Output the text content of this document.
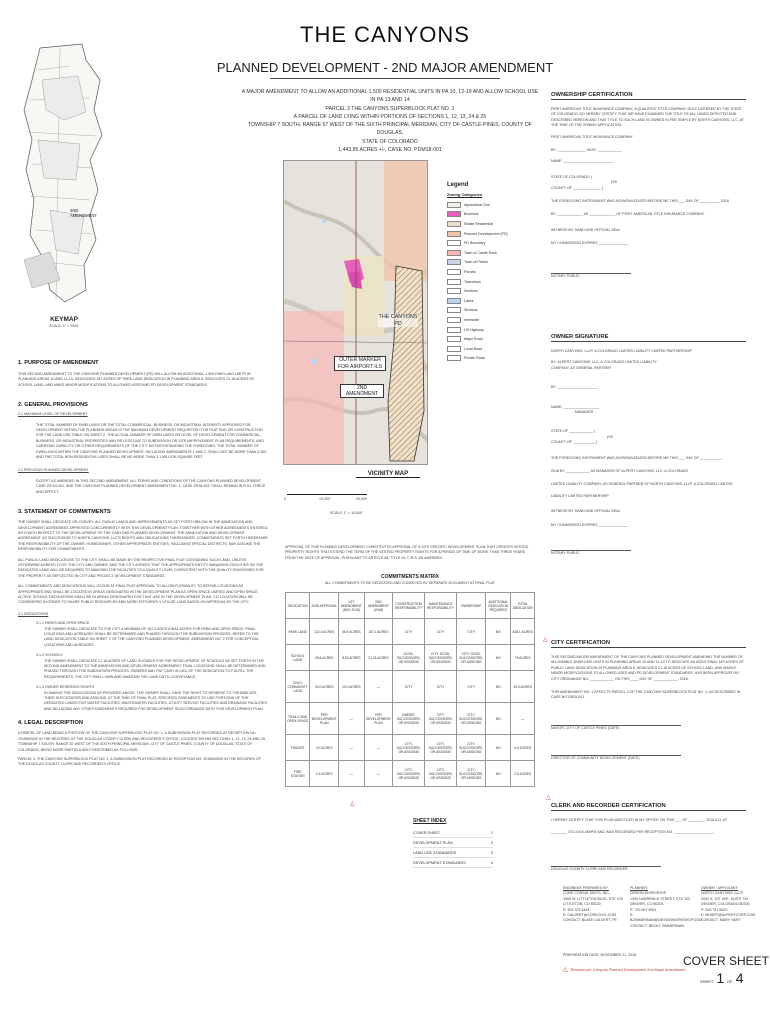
THE CANYONS
PLANNED DEVELOPMENT - 2ND MAJOR AMENDMENT
A MAJOR AMENDMENT TO ALLOW AN ADDITIONAL 1,500 RESIDENTIAL UNITS IN PA 10, 12-19 AND ALLOW SCHOOL USE IN PA 13 AND 14
PARCEL 3 THE CANYONS SUPERBLOCK PLAT NO. 1
A PARCEL OF LAND LYING WITHIN PORTIONS OF SECTIONS 1, 12, 13, 24 & 25
TOWNSHIP 7 SOUTH, RANGE 67 WEST OF THE SIXTH PRINCIPAL MERIDIAN, CITY OF CASTLE PINES, COUNTY OF DOUGLAS,
STATE OF COLORADO
1,443.85 ACRES +/-, CASE NO. PDM18-001
2ND AMENDMENT
KEYMAP
SCALE: 1" = 1000'
THE CANYONS PD
OUTER MARKER FOR AIRPORT ILS
2ND AMENDMENT
0	10,000'	20,000'
VICINITY MAP
SCALE: 1" = 10,000'
Legend
Zoning Categories
Agricultural One
Business
Estate Residential
Planned Development (PD)
PD Boundary
Town of Castle Rock
Town of Parker
Parcels
Townships
Sections
Lakes
Streams
Interstate
US Highway
Major Road
Local Road
Private Road
1. PURPOSE OF AMENDMENT
THIS SECOND AMENDMENT TO THE CANYONS PLANNED DEVELOPMENT (PD) WILL ALLOW AN ADDITIONAL 1,500 DWELLING UNITS IN PLANNING AREAS 10 AND 12-19, DEDICATED 187 ACRES OF PARK LAND DEDICATION IN PLANNING AREA 8, DEDICATES 21.18 ACRES OF SCHOOL LAND, AND MAKE MINOR MODIFICATIONS TO ALLOWED USES AND PD DEVELOPMENT STANDARDS.
2. GENERAL PROVISIONS
2.1 MAXIMUM LEVEL OF DEVELOPMENT
THE TOTAL NUMBER OF DWELLINGS OR THE TOTAL COMMERCIAL, BUSINESS, OR INDUSTRIAL INTENSITY APPROVED FOR DEVELOPMENT WITHIN THE PLANNING AREAS IS THE MAXIMUM DEVELOPMENT REQUESTED FOR PLATTING OR CONSTRUCTION FOR THE LAND USE TABLE ON SHEET 2. THE ACTUAL NUMBER OF DWELLINGS OR LEVEL OF DEVELOPMENT FOR COMMERCIAL, BUSINESS, OR INDUSTRIAL PROPERTIES MAY BE LESS DUE TO SUBDIVISION OR SITE IMPROVEMENT PLAN REQUIREMENTS, AND CARRYING CAPACITY, OR OTHER REQUIREMENTS OF THE CITY. NOTWITHSTANDING THE FOREGOING, THE TOTAL NUMBER OF DWELLINGS WITHIN THE CANYONS PLANNED DEVELOPMENT, INCLUDING AMENDMENTS 1 AND 2, SHALL NOT BE MORE THAN 3,400, AND THE TOTAL NON-RESIDENTIAL USES SHALL BE NO MORE THAN 3.1 MILLION SQUARE FEET.
2.2 PREVIOUS PLANNED DEVELOPMENT
EXCEPT AS AMENDED IN THIS SECOND AMENDMENT, ALL TERMS AND CONDITIONS OF THE CANYONS PLANNED DEVELOPMENT, CASE ZR-04-001, AND THE CANYONS PLANNED DEVELOPMENT AMENDMENT NO. 1, CASE ZR16-003, SHALL REMAIN IN FULL FORCE AND EFFECT.
3. STATEMENT OF COMMITMENTS
THE OWNER SHALL DEDICATE OR CONVEY, ALL PUBLIC LANDS AND IMPROVEMENTS AS SET FORTH BELOW IN THE ANNEXATION AND DEVELOPMENT AGREEMENT APPROVED CONCURRENTLY WITH THIS DEVELOPMENT PLAN, TOGETHER WITH OTHER AGREEMENTS ENTERED INTO WITH RESPECT TO THE DEVELOPMENT OF THE CANYONS PLANNED DEVELOPMENT. THE ANNEXATION AND DEVELOPMENT AGREEMENT, AS SUCCESSOR TO NORTH CANYONS, LLC'S RIGHTS AND OBLIGATIONS THEREUNDER. COMMITMENTS SET FORTH HEREIN ARE THE RESPONSIBILITY OF THE OWNER, HOMEOWNER, OTHER APPROPRIATE ENTITIES, INCLUDING SPECIAL DISTRICTS, MAY ASSUME THE RESPONSIBILITY FOR COMMITMENTS.
ALL PUBLIC LAND DEDICATIONS TO THE CITY SHALL BE MADE BY THE RESPECTIVE FINAL PLAT CONTAINING SUCH LAND, UNLESS OTHERWISE AGREED TO BY THE CITY AND OWNER, AND THE CITY AGREES THAT THE APPROPRIATE ENTITY MANAGING FACILITIES ON THE DEDICATED LAND WILL BE REQUIRED TO MAINTAIN THE FACILITIES TO A QUALITY LEVEL CONSISTENT WITH THE QUALITY ENVISIONED FOR THE PROPERTY AS REFLECTED IN CITY AND PROJECT DEVELOPMENT STANDARDS.
ALL COMMITMENTS AND DEDICATIONS WILL OCCUR AT FINAL PLAT APPROVAL TO ALLOW FLEXIBILITY TO REFINE LOCATIONS AS APPROPRIATE AND SHALL BE LOCATED IN AREAS DESIGNATED IN THE DEVELOPMENT PLAN AS OPEN SPACE LIMITED AND OPEN SPACE ACTIVE. SCHOOL DEDICATIONS SHALL BE IN AREAS DESIGNATED FOR THAT USE IN THE DEVELOPMENT PLAN. CO-LOCATION WILL BE CONSIDERED IN ORDER TO SHARE PUBLIC RESOURCES AND MORE EFFICIENTLY UTILIZE LAND BASED ON APPROVAL BY THE CITY.
3.1 DEDICATIONS
3.1.1 PARKS AND OPEN SPACE
THE OWNER SHALL DEDICATE TO THE CITY A MINIMUM OF 187.5 ADDITIONAL ACRES FOR PARK AND OPEN SPACE. FINAL LOCATIONS AND ACREAGES SHALL BE DETERMINED AND PHASED THROUGH THE SUBDIVISION PROCESS. REFER TO THE LAND DEDICATION TABLE ON SHEET 2 OF THE CANYONS PLANNED DEVELOPMENT, AMENDMENT NO. 2 FOR CONCEPTUAL LOCATIONS AND ACREAGES.
3.1.2 SCHOOLS
THE OWNER SHALL DEDICATE 21.18 ACRES OF LAND SUITABLE FOR THE DEVELOPMENT OF SCHOOLS AS SET FORTH IN THE SECOND AMENDMENT TO THE ANNEXATION AND DEVELOPMENT AGREEMENT. FINAL LOCATIONS SHALL BE DETERMINED AND PHASED THROUGH THE SUBDIVISION PROCESS. OWNERS MAY PAY CASH IN LIEU OF THE DEDICATION TO FULFILL THE REQUIREMENTS. THE CITY SHALL OWN AND MAINTAIN THE LAND UNTIL CONVEYANCE.
3.1.3 OWNER RESERVED RIGHTS
IN MAKING THE DEDICATIONS AS PROVIDED ABOVE, THE OWNER SHALL HAVE THE RIGHT TO RESERVE TO THEMSELVES, THEIR SUCCESSORS AND ASSIGNS, AT THE TIME OF FINAL PLAT, SPECIFIED EASEMENTS TO USE PORTIONS OF THE DEDICATED LANDS FOR WATER FACILITIES, WASTEWATER FACILITIES, UTILITY SERVICE FACILITIES AND DRAINAGE FACILITIES AND INCLUDING ANY OTHER EASEMENTS REQUIRED FOR DEVELOPMENT IN ACCORDANCE WITH THIS DEVELOPMENT PLAN.
4. LEGAL DESCRIPTION
A PARCEL OF LAND BEING A PORTION OF THE CANYONS SUPERBLOCK PLAT NO. 1, A SUBDIVISION PLAT RECORDED AT RECEPTION NO. 2015000000 IN THE RECORDS OF THE DOUGLAS COUNTY CLERK AND RECORDER'S OFFICE, LOCATED WITHIN SECTIONS 1, 12, 13, 24 AND 25, TOWNSHIP 7 SOUTH, RANGE 67 WEST OF THE SIXTH PRINCIPAL MERIDIAN, CITY OF CASTLE PINES, COUNTY OF DOUGLAS, STATE OF COLORADO, BEING MORE PARTICULARLY DESCRIBED AS FOLLOWS:
PARCEL 3, THE CANYONS SUPERBLOCK PLAT NO. 1, A SUBDIVISION PLAT RECORDED AT RECEPTION NO. 2015000000 IN THE RECORDS OF THE DOUGLAS COUNTY CLERK AND RECORDER'S OFFICE.
APPROVAL OF THIS PLANNED DEVELOPMENT CONSTITUTES APPROVAL OF A SITE SPECIFIC DEVELOPMENT PLAN THAT CREATES VESTED PROPERTY RIGHTS THAT EXTEND THE TERM OF THE VESTED PROPERTY RIGHTS FOR A PERIOD OF TIME OF MORE THAN THREE YEARS FROM THE DATE OF APPROVAL, PURSUANT TO ARTICLE 68, TITLE 24, C.R.S. AS AMENDED.
COMMITMENTS MATRIX
ALL COMMITMENTS TO BE DEDICATED AND CONVEYED BY SEPARATE DOCUMENT AT FINAL PLAT
DEDICATION	2008 APPROVAL	1ST AMENDMENT (MAY 2016)	2ND AMENDMENT (2018)	CONSTRUCTION RESPONSIBILITY	MAINTENANCE RESPONSIBILITY	OWNERSHIP	ADDITIONAL DEDICATION REQUIRED	TOTAL DEDICATION
PARK LAND	122.4 ACRES	36.9 ACRES	187.1 ACRES	CITY	CITY	CITY	NO	318.1 ACRES
SCHOOL LAND	49.8 ACRES	8.82 ACRES	21.18 ACRES	DCSD, SUCCESSORS, OR ASSIGNS	CITY, DCSD, SUCCESSORS, OR ASSIGNS	CITY, DCSD, SUCCESSORS, OR ASSIGNS	NO	79 ACRES
CIVIC/ COMMUNITY LAND	20.0 ACRES	13.0 ACRES	—	CITY	CITY	CITY	NO	33.0 ACRES
TRAILS AND OPEN SPACE	PER DEVELOPMENT PLAN	—	PER DEVELOPMENT PLAN	OWNER, SUCCESSORS, OR ASSIGNS	CITY, SUCCESSORS, OR ASSIGNS	CITY, SUCCESSORS, OR ASSIGNS	NO	—
TRANSIT	4.0 ACRES	—	—	CITY, SUCCESSORS, OR ASSIGNS	CITY, SUCCESSORS, OR ASSIGNS	CITY, SUCCESSORS, OR ASSIGNS	NO	4.0 ACRES
FIRE STATION	2.5 ACRES	—	—	CITY, SUCCESSORS, OR ASSIGNS	CITY, SUCCESSORS, OR ASSIGNS	CITY, SUCCESSORS, OR ASSIGNS	NO	2.5 ACRES
SHEET INDEX
COVER SHEET	1
DEVELOPMENT PLAN	2
LAND USE STANDARDS	3
DEVELOPMENT STANDARDS	4
OWNERSHIP CERTIFICATION
FIRST AMERICAN TITLE INSURANCE COMPANY, A QUALIFIED TITLE COMPANY, DULY LICENSED BY THE STATE OF COLORADO, DO HEREBY CERTIFY THAT WE HAVE EXAMINED THE TITLE OF ALL LANDS DEPICTED AND DESCRIBED HEREON AND THAT TITLE TO SUCH LAND IS OWNED IN FEE SIMPLE BY NORTH CANYONS, LLC, AT THE TIME OF THE ZONING APPLICATION.
FIRST AMERICAN TITLE INSURANCE COMPANY
BY: ______________ DATE: ____________
NAME: _________________________
STATE OF COLORADO )
)SS
COUNTY OF ______________ )
THE FOREGOING INSTRUMENT WAS ACKNOWLEDGED BEFORE ME THIS ___ DAY OF __________ 2018
BY _____________ AS _____________ OF FIRST AMERICAN TITLE INSURANCE COMPANY.
WITNESS MY HAND AND OFFICIAL SEAL
MY COMMISSION EXPIRES _______________
NOTARY PUBLIC
OWNER SIGNATURE
NORTH CANYONS, LLLP, A COLORADO LIMITED LIABILITY LIMITED PARTNERSHIP
BY: ALPERT CANYONS, LLC, A COLORADO LIMITED LIABILITY COMPANY, AS GENERAL PARTNER
BY: ____________________
NAME: __________________
MANAGER
STATE OF ____________ )
)SS
COUNTY OF ___________ )
THE FOREGOING INSTRUMENT WAS ACKNOWLEDGED BEFORE ME THIS ___ DAY OF ___________,
2018 BY ____________ AS MANAGER OF ALPERT CANYONS, LLC, A COLORADO
LIMITED LIABILITY COMPANY, AS GENERAL PARTNER OF NORTH CANYONS, LLLP, A COLORADO LIMITED
LIABILITY LIMITED PARTNERSHIP.
WITNESS MY HAND AND OFFICIAL SEAL
MY COMMISSION EXPIRES _______________
NOTARY PUBLIC
CITY CERTIFICATION
THIS SECOND MAJOR AMENDMENT OF THE CANYONS PLANNED DEVELOPMENT AMENDING THE NUMBER OF ALLOWABLE DWELLING UNITS IN PLANNING AREAS 10 AND 12-19 TO DEDICATE AN ADDITIONAL 187 ACRES OF PUBLIC LAND DEDICATION IN PLANNING AREA 8, DEDICATES 21.18 ACRES OF SCHOOL LAND, AND MAKES MINOR MODIFICATIONS TO ALLOWED USES AND PD DEVELOPMENT STANDARDS, HAS BEEN APPROVED BY CITY ORDINANCE NO. ____________ ON THIS ____ DAY OF ____________, 2018.
THIS AMENDMENT NO. 2 AFFECTS PARCEL 3 OF THE CANYONS SUPERBLOCK PLAT NO. 1, AS DESCRIBED IN CASE NO SB15-001.
MAYOR, CITY OF CASTLE PINES (DATE)
DIRECTOR OF COMMUNITY DEVELOPMENT (DATE)
CLERK AND RECORDER CERTIFICATION
I HEREBY CERTIFY THAT THIS PLAN WAS FILED IN MY OFFICE ON THIS ___ OF ________, 2018 A.D. AT
________ O'CLOCK AM/PM AND WAS RECORDED PER RECEPTION NO. ____________________.
DOUGLAS COUNTY CLERK AND RECORDER
ENGINEER PREPARED BY:
CORE CONSULTANTS, INC.
1950 W. LITTLETON BLVD. STE 109
LITTLETON, CO 80120
P: 303.703.4444
E: CALVERT@CORECIVIL.COM
CONTACT: BLAKE CALVERT, PE
PLANNER:
DESIGN WORKSHOP
1390 LAWRENCE STREET, STE 100
DENVER, CO 80204
P: 720.907.9591
E: BZIMMERMAN@DESIGNWORKSHOP.COM
CONTACT: BECKY ZIMMERMAN
OWNER / APPLICANT:
NORTH CANYONS, LLLP
3000 S. 1ST AVE, SUITE 725
DENVER, COLORADO 80206
P: 303.757.8400
E: MHART@ALPERTCORP.COM
CONTACT: MARY HART
PREPARATION DATE: NOVEMBER 21, 2018
△ Revision per Canyons Planned Development 2nd Major Amendment
COVER SHEET
SHEET 1 OF 4
△
△
△
